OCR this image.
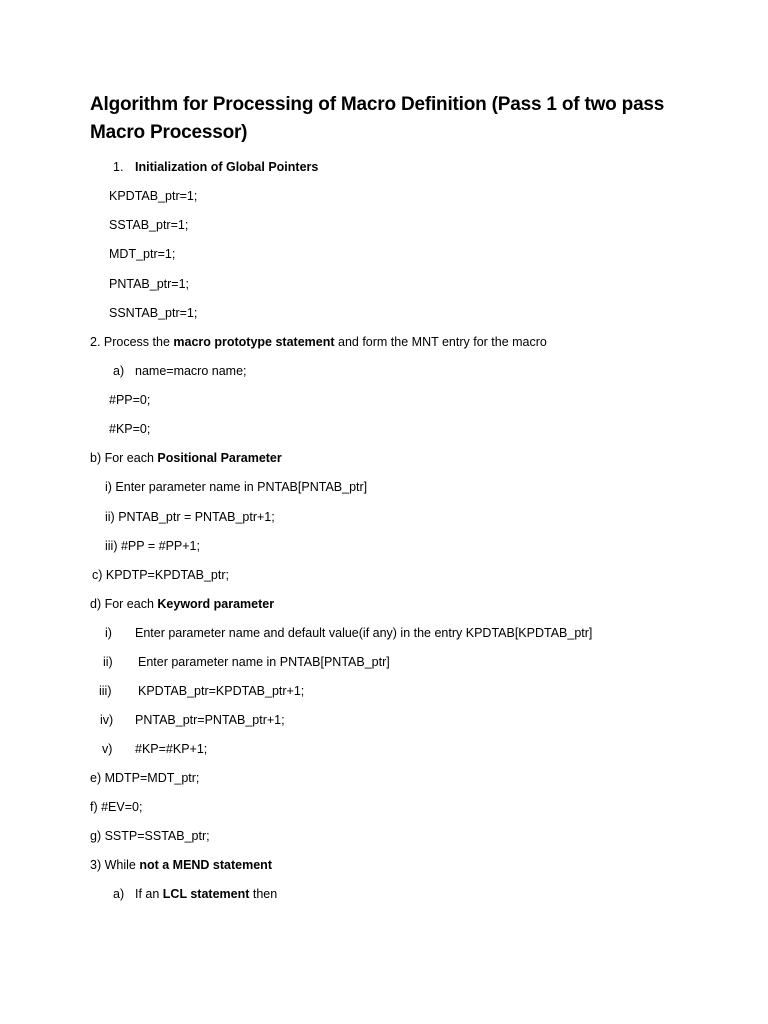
Algorithm for Processing of Macro Definition (Pass 1 of two pass Macro Processor)
1. Initialization of Global Pointers
KPDTAB_ptr=1;
SSTAB_ptr=1;
MDT_ptr=1;
PNTAB_ptr=1;
SSNTAB_ptr=1;
2. Process the macro prototype statement and form the MNT entry for the macro
a) name=macro name;
#PP=0;
#KP=0;
b) For each Positional Parameter
i) Enter parameter name in PNTAB[PNTAB_ptr]
ii) PNTAB_ptr = PNTAB_ptr+1;
iii) #PP = #PP+1;
c) KPDTP=KPDTAB_ptr;
d) For each Keyword parameter
i) Enter parameter name and default value(if any) in the entry KPDTAB[KPDTAB_ptr]
ii) Enter parameter name in PNTAB[PNTAB_ptr]
iii) KPDTAB_ptr=KPDTAB_ptr+1;
iv) PNTAB_ptr=PNTAB_ptr+1;
v) #KP=#KP+1;
e) MDTP=MDT_ptr;
f) #EV=0;
g) SSTP=SSTAB_ptr;
3) While not a MEND statement
a) If an LCL statement then
